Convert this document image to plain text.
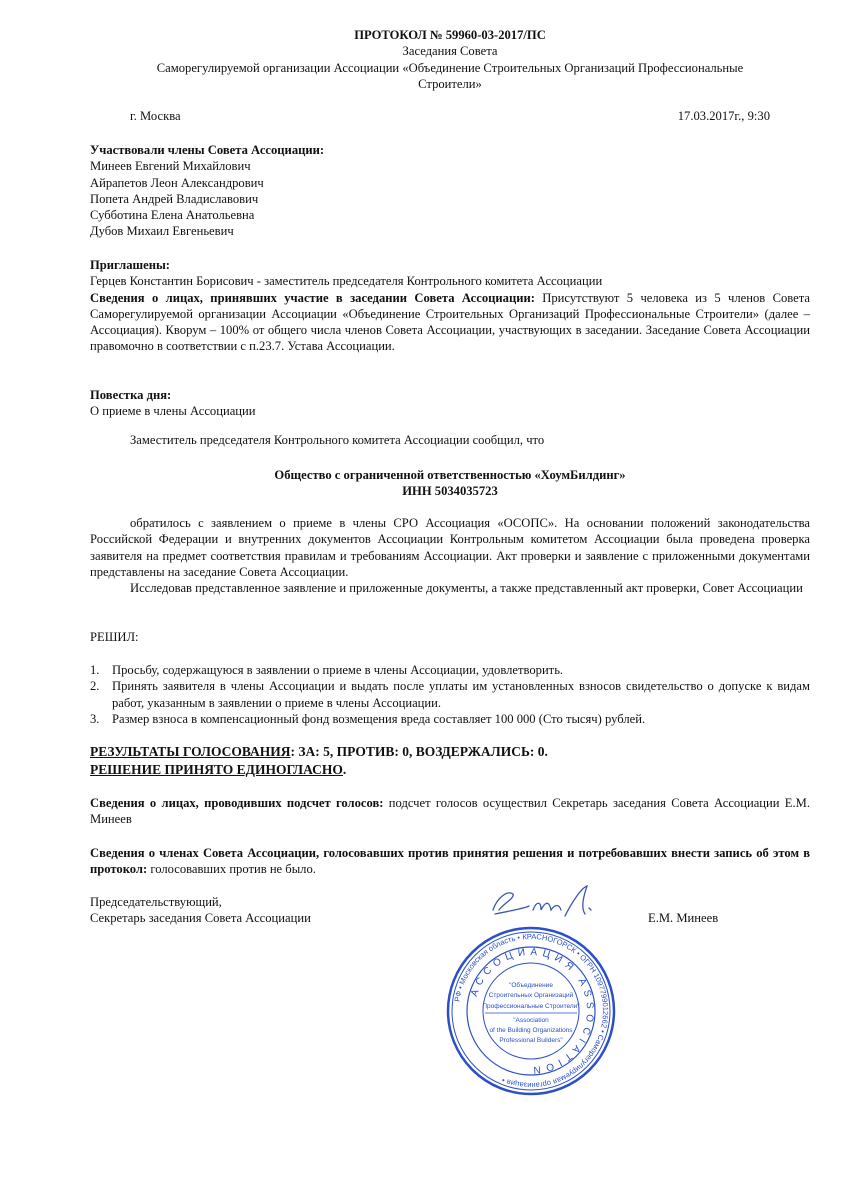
ПРОТОКОЛ № 59960-03-2017/ПС
Заседания Совета
Саморегулируемой организации Ассоциации «Объединение Строительных Организаций Профессиональные
Строители»
г. Москва	17.03.2017г., 9:30
Участвовали члены Совета Ассоциации:
Минеев Евгений Михайлович
Айрапетов Леон Александрович
Попета Андрей Владиславович
Субботина Елена Анатольевна
Дубов Михаил Евгеньевич
Приглашены:
Герцев Константин Борисович - заместитель председателя Контрольного комитета Ассоциации
Сведения о лицах, принявших участие в заседании Совета Ассоциации: Присутствуют 5 человека из 5 членов Совета Саморегулируемой организации Ассоциации «Объединение Строительных Организаций Профессиональные Строители» (далее – Ассоциация). Кворум – 100% от общего числа членов Совета Ассоциации, участвующих в заседании. Заседание Совета Ассоциации правомочно в соответствии с п.23.7. Устава Ассоциации.
Повестка дня:
О приеме в члены Ассоциации
Заместитель председателя Контрольного комитета Ассоциации сообщил, что
Общество с ограниченной ответственностью «ХоумБилдинг»
ИНН 5034035723
обратилось с заявлением о приеме в члены СРО Ассоциация «ОСОПС». На основании положений законодательства Российской Федерации и внутренних документов Ассоциации Контрольным комитетом Ассоциации была проведена проверка заявителя на предмет соответствия правилам и требованиям Ассоциации. Акт проверки и заявление с приложенными документами представлены на заседание Совета Ассоциации.
Исследовав представленное заявление и приложенные документы, а также представленный акт проверки, Совет Ассоциации
РЕШИЛ:
1. Просьбу, содержащуюся в заявлении о приеме в члены Ассоциации, удовлетворить.
2. Принять заявителя в члены Ассоциации и выдать после уплаты им установленных взносов свидетельство о допуске к видам работ, указанным в заявлении о приеме в члены Ассоциации.
3. Размер взноса в компенсационный фонд возмещения вреда составляет 100 000 (Сто тысяч) рублей.
РЕЗУЛЬТАТЫ ГОЛОСОВАНИЯ: ЗА: 5, ПРОТИВ: 0, ВОЗДЕРЖАЛИСЬ: 0.
РЕШЕНИЕ ПРИНЯТО ЕДИНОГЛАСНО.
Сведения о лицах, проводивших подсчет голосов: подсчет голосов осуществил Секретарь заседания Совета Ассоциации Е.М. Минеев
Сведения о членах Совета Ассоциации, голосовавших против принятия решения и потребовавших внести запись об этом в протокол: голосовавших против не было.
Председательствующий,
Секретарь заседания Совета Ассоциации	Е.М. Минеев
РФ • Московская область • КРАСНОГОРСК • ОГРН 1097799012662 • Саморегулируемая организация •
АССОЦИАЦИЯ ASSOCIATION
"Объединение
Строительных Организаций
Профессиональные Строители"
"Association
of the Building Organizations
Professional Builders"
